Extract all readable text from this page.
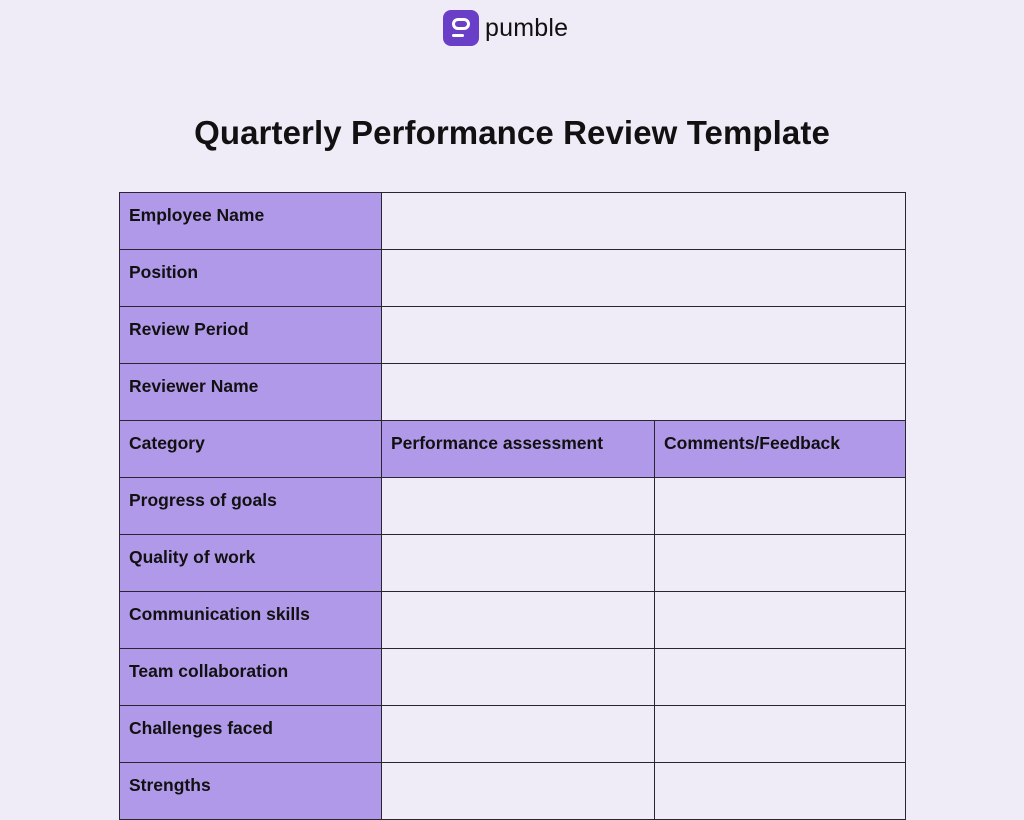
pumble
Quarterly Performance Review Template
Employee Name		
Position		
Review Period		
Reviewer Name		
Category	Performance assessment	Comments/Feedback
Progress of goals		
Quality of work		
Communication skills		
Team collaboration		
Challenges faced		
Strengths		
